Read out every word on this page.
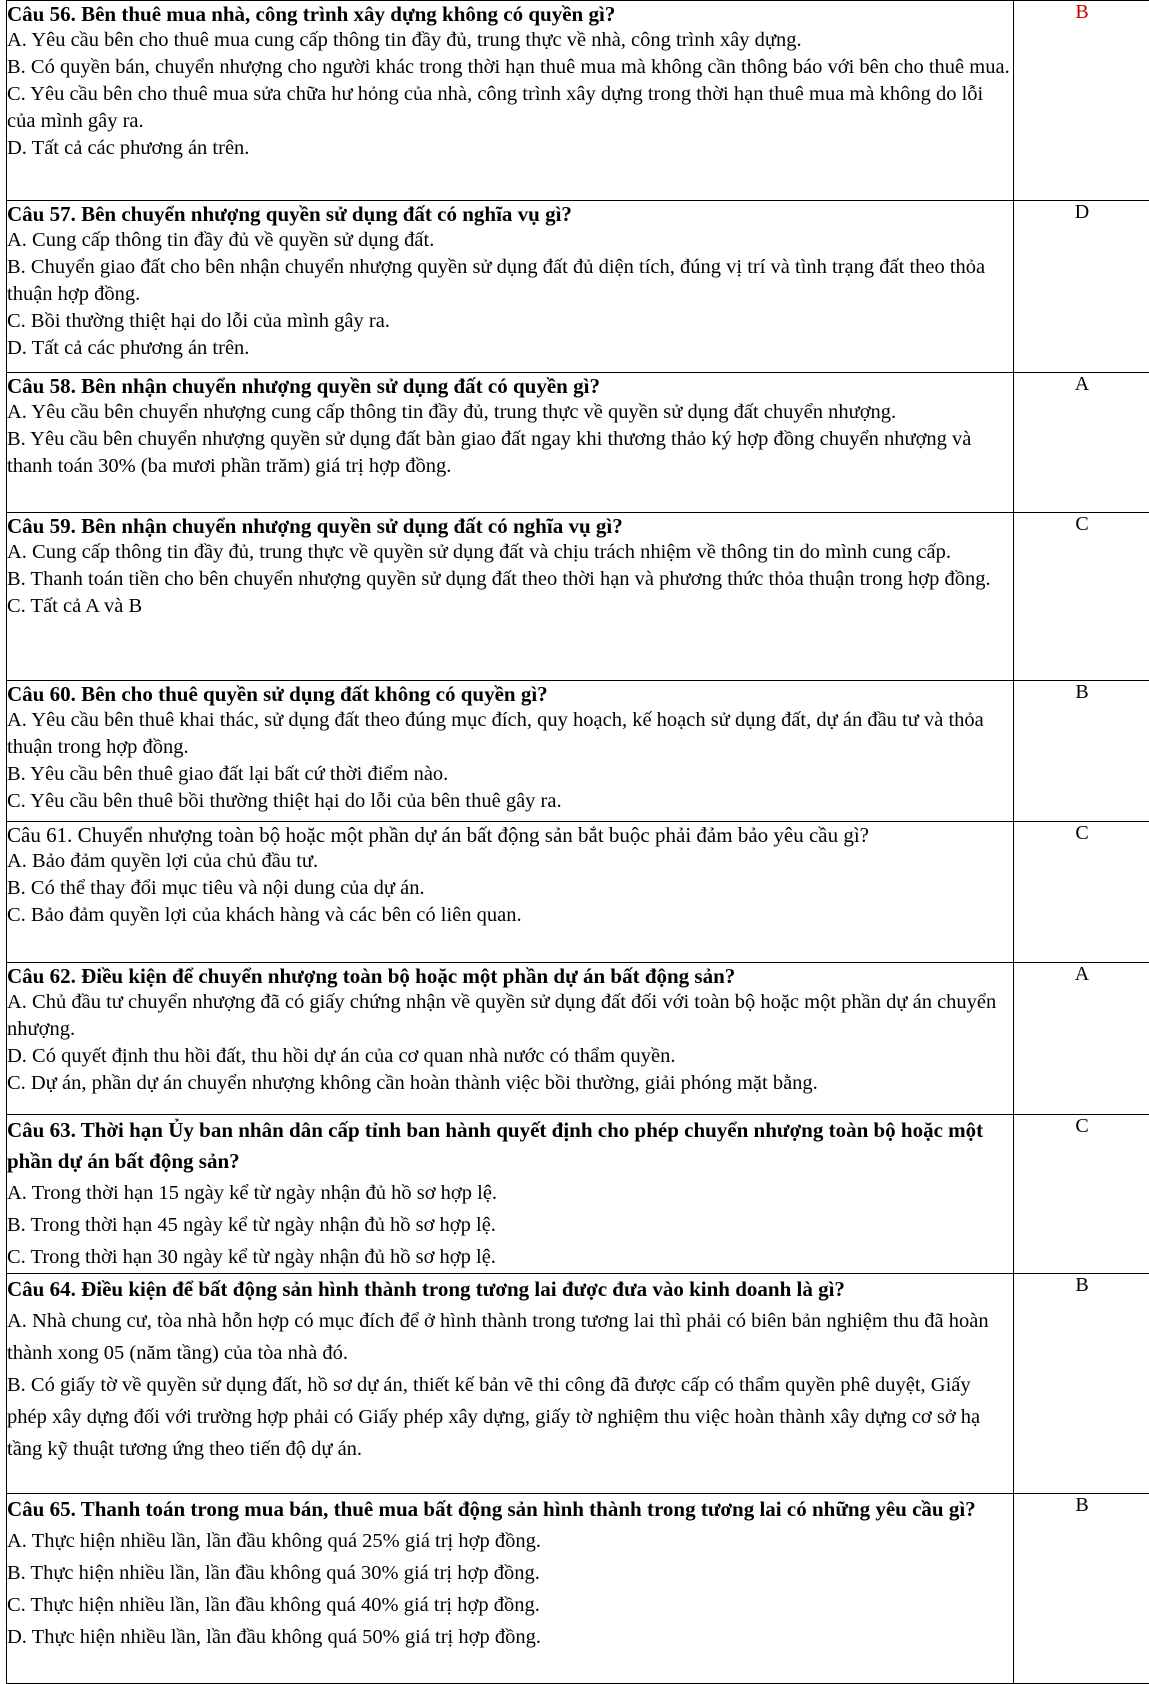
Câu 56. Bên thuê mua nhà, công trình xây dựng không có quyền gì?
A. Yêu cầu bên cho thuê mua cung cấp thông tin đầy đủ, trung thực về nhà, công trình xây dựng.
B. Có quyền bán, chuyển nhượng cho người khác trong thời hạn thuê mua mà không cần thông báo với bên cho thuê mua.
C. Yêu cầu bên cho thuê mua sửa chữa hư hỏng của nhà, công trình xây dựng trong thời hạn thuê mua mà không do lỗi của mình gây ra.
D. Tất cả các phương án trên.	B

Câu 57. Bên chuyển nhượng quyền sử dụng đất có nghĩa vụ gì?
A. Cung cấp thông tin đầy đủ về quyền sử dụng đất.
B. Chuyển giao đất cho bên nhận chuyển nhượng quyền sử dụng đất đủ diện tích, đúng vị trí và tình trạng đất theo thỏa thuận hợp đồng.
C. Bồi thường thiệt hại do lỗi của mình gây ra.
D. Tất cả các phương án trên.	D

Câu 58. Bên nhận chuyển nhượng quyền sử dụng đất có quyền gì?
A. Yêu cầu bên chuyển nhượng cung cấp thông tin đầy đủ, trung thực về quyền sử dụng đất chuyển nhượng.
B. Yêu cầu bên chuyển nhượng quyền sử dụng đất bàn giao đất ngay khi thương thảo ký hợp đồng chuyển nhượng và thanh toán 30% (ba mươi phần trăm) giá trị hợp đồng.	A

Câu 59. Bên nhận chuyển nhượng quyền sử dụng đất có nghĩa vụ gì?
A. Cung cấp thông tin đầy đủ, trung thực về quyền sử dụng đất và chịu trách nhiệm về thông tin do mình cung cấp.
B. Thanh toán tiền cho bên chuyển nhượng quyền sử dụng đất theo thời hạn và phương thức thỏa thuận trong hợp đồng.
C. Tất cả A và B	C

Câu 60. Bên cho thuê quyền sử dụng đất không có quyền gì?
A. Yêu cầu bên thuê khai thác, sử dụng đất theo đúng mục đích, quy hoạch, kế hoạch sử dụng đất, dự án đầu tư và thỏa thuận trong hợp đồng.
B. Yêu cầu bên thuê giao đất lại bất cứ thời điểm nào.
C. Yêu cầu bên thuê bồi thường thiệt hại do lỗi của bên thuê gây ra.	B

Câu 61. Chuyển nhượng toàn bộ hoặc một phần dự án bất động sản bắt buộc phải đảm bảo yêu cầu gì?
A. Bảo đảm quyền lợi của chủ đầu tư.
B. Có thể thay đổi mục tiêu và nội dung của dự án.
C. Bảo đảm quyền lợi của khách hàng và các bên có liên quan.	C

Câu 62. Điều kiện để chuyển nhượng toàn bộ hoặc một phần dự án bất động sản?
A. Chủ đầu tư chuyển nhượng đã có giấy chứng nhận về quyền sử dụng đất đối với toàn bộ hoặc một phần dự án chuyển nhượng.
D. Có quyết định thu hồi đất, thu hồi dự án của cơ quan nhà nước có thẩm quyền.
C. Dự án, phần dự án chuyển nhượng không cần hoàn thành việc bồi thường, giải phóng mặt bằng.	A

Câu 63. Thời hạn Ủy ban nhân dân cấp tỉnh ban hành quyết định cho phép chuyển nhượng toàn bộ hoặc một phần dự án bất động sản?
A. Trong thời hạn 15 ngày kể từ ngày nhận đủ hồ sơ hợp lệ.
B. Trong thời hạn 45 ngày kể từ ngày nhận đủ hồ sơ hợp lệ.
C. Trong thời hạn 30 ngày kể từ ngày nhận đủ hồ sơ hợp lệ.	C

Câu 64. Điều kiện để bất động sản hình thành trong tương lai được đưa vào kinh doanh là gì?
A. Nhà chung cư, tòa nhà hỗn hợp có mục đích để ở hình thành trong tương lai thì phải có biên bản nghiệm thu đã hoàn thành xong 05 (năm tầng) của tòa nhà đó.
B. Có giấy tờ về quyền sử dụng đất, hồ sơ dự án, thiết kế bản vẽ thi công đã được cấp có thẩm quyền phê duyệt, Giấy phép xây dựng đối với trường hợp phải có Giấy phép xây dựng, giấy tờ nghiệm thu việc hoàn thành xây dựng cơ sở hạ tầng kỹ thuật tương ứng theo tiến độ dự án.	B

Câu 65. Thanh toán trong mua bán, thuê mua bất động sản hình thành trong tương lai có những yêu cầu gì?
A. Thực hiện nhiều lần, lần đầu không quá 25% giá trị hợp đồng.
B. Thực hiện nhiều lần, lần đầu không quá 30% giá trị hợp đồng.
C. Thực hiện nhiều lần, lần đầu không quá 40% giá trị hợp đồng.
D. Thực hiện nhiều lần, lần đầu không quá 50% giá trị hợp đồng.	B
